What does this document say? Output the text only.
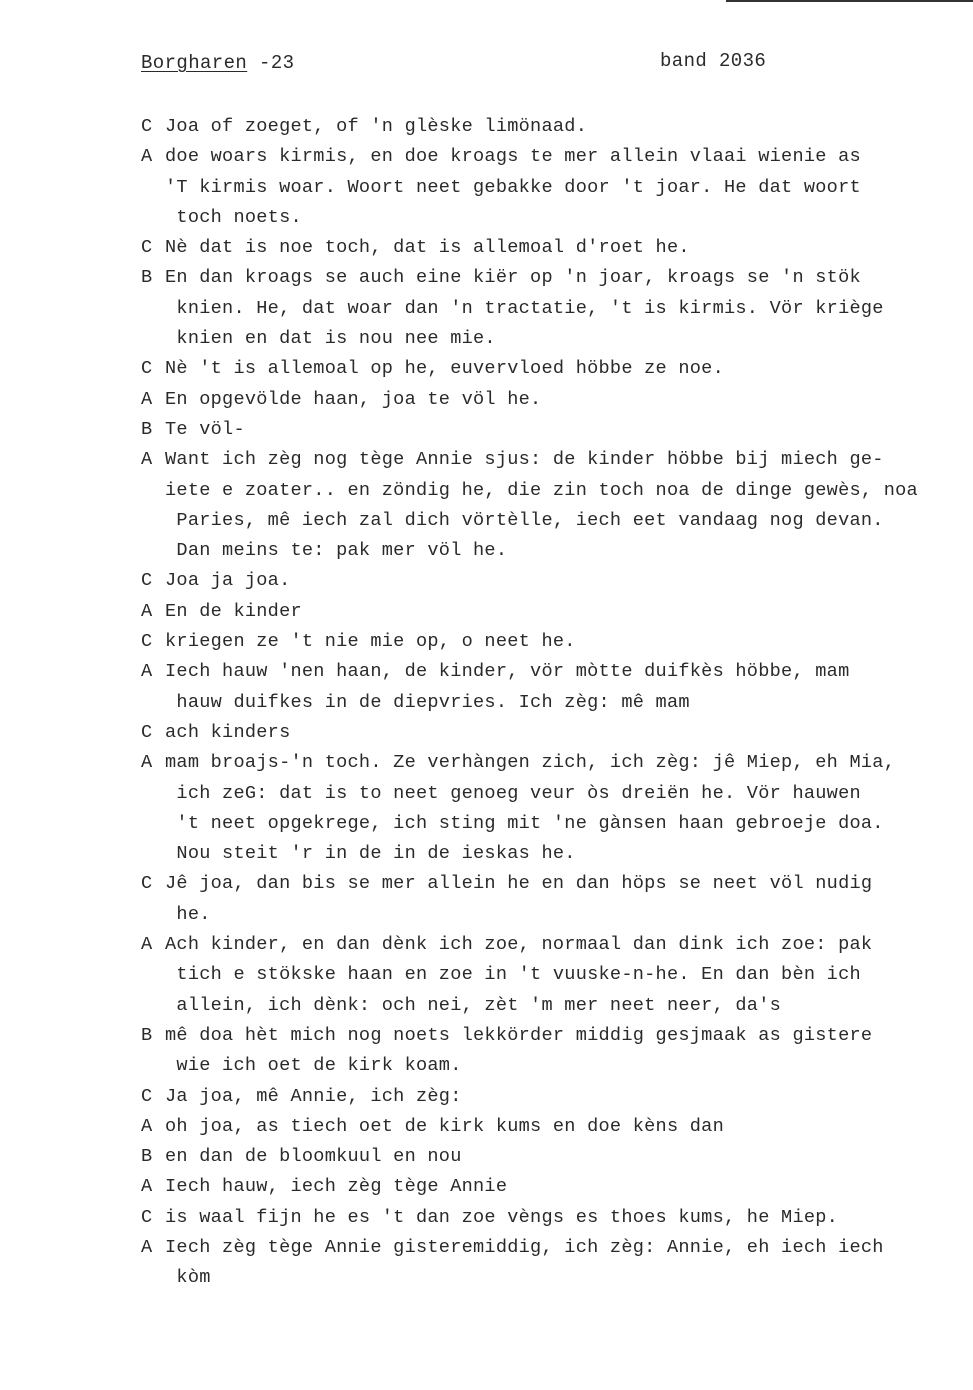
Borgharen -23	band 2036
C Joa of zoeget, of 'n glèske limönaad.
A doe woars kirmis, en doe kroags te mer allein vlaai wienie as
'T kirmis woar. Woort neet gebakke door 't joar. He dat woort
toch noets.
C Nè dat is noe toch, dat is allemoal d'roet he.
B En dan kroags se auch eine kiër op 'n joar, kroags se 'n stök
knien. He, dat woar dan 'n tractatie, 't is kirmis. Vör kriège
knien en dat is nou nee mie.
C Nè 't is allemoal op he, euvervloed höbbe ze noe.
A En opgevölde haan, joa te völ he.
B Te völ-
A Want ich zèg nog tège Annie sjus: de kinder höbbe bij miech ge-
iete e zoater.. en zöndig he, die zin toch noa de dinge gewès, noa
Paries, mê iech zal dich vörtèlle, iech eet vandaag nog devan.
Dan meins te: pak mer völ he.
C Joa ja joa.
A En de kinder
C kriegen ze 't nie mie op, o neet he.
A Iech hauw 'nen haan, de kinder, vör mòtte duifkès höbbe, mam
hauw duifkes in de diepvries. Ich zèg: mê mam
C ach kinders
A mam broajs-'n toch. Ze verhàngen zich, ich zèg: jê Miep, eh Mia,
ich zeG: dat is to neet genoeg veur òs dreiën he. Vör hauwen
't neet opgekrege, ich sting mit 'ne gànsen haan gebroeje doa.
Nou steit 'r in de in de ieskas he.
C Jê joa, dan bis se mer allein he en dan höps se neet völ nudig
he.
A Ach kinder, en dan dènk ich zoe, normaal dan dink ich zoe: pak
tich e stökske haan en zoe in 't vuuske-n-he. En dan bèn ich
allein, ich dènk: och nei, zèt 'm mer neet neer, da's
B mê doa hèt mich nog noets lekkörder middig gesjmaak as gistere
wie ich oet de kirk koam.
C Ja joa, mê Annie, ich zèg:
A oh joa, as tiech oet de kirk kums en doe kèns dan
B en dan de bloomkuul en nou
A Iech hauw, iech zèg tège Annie
C is waal fijn he es 't dan zoe vèngs es thoes kums, he Miep.
A Iech zèg tège Annie gisteremiddig, ich zèg: Annie, eh iech iech
kòm
